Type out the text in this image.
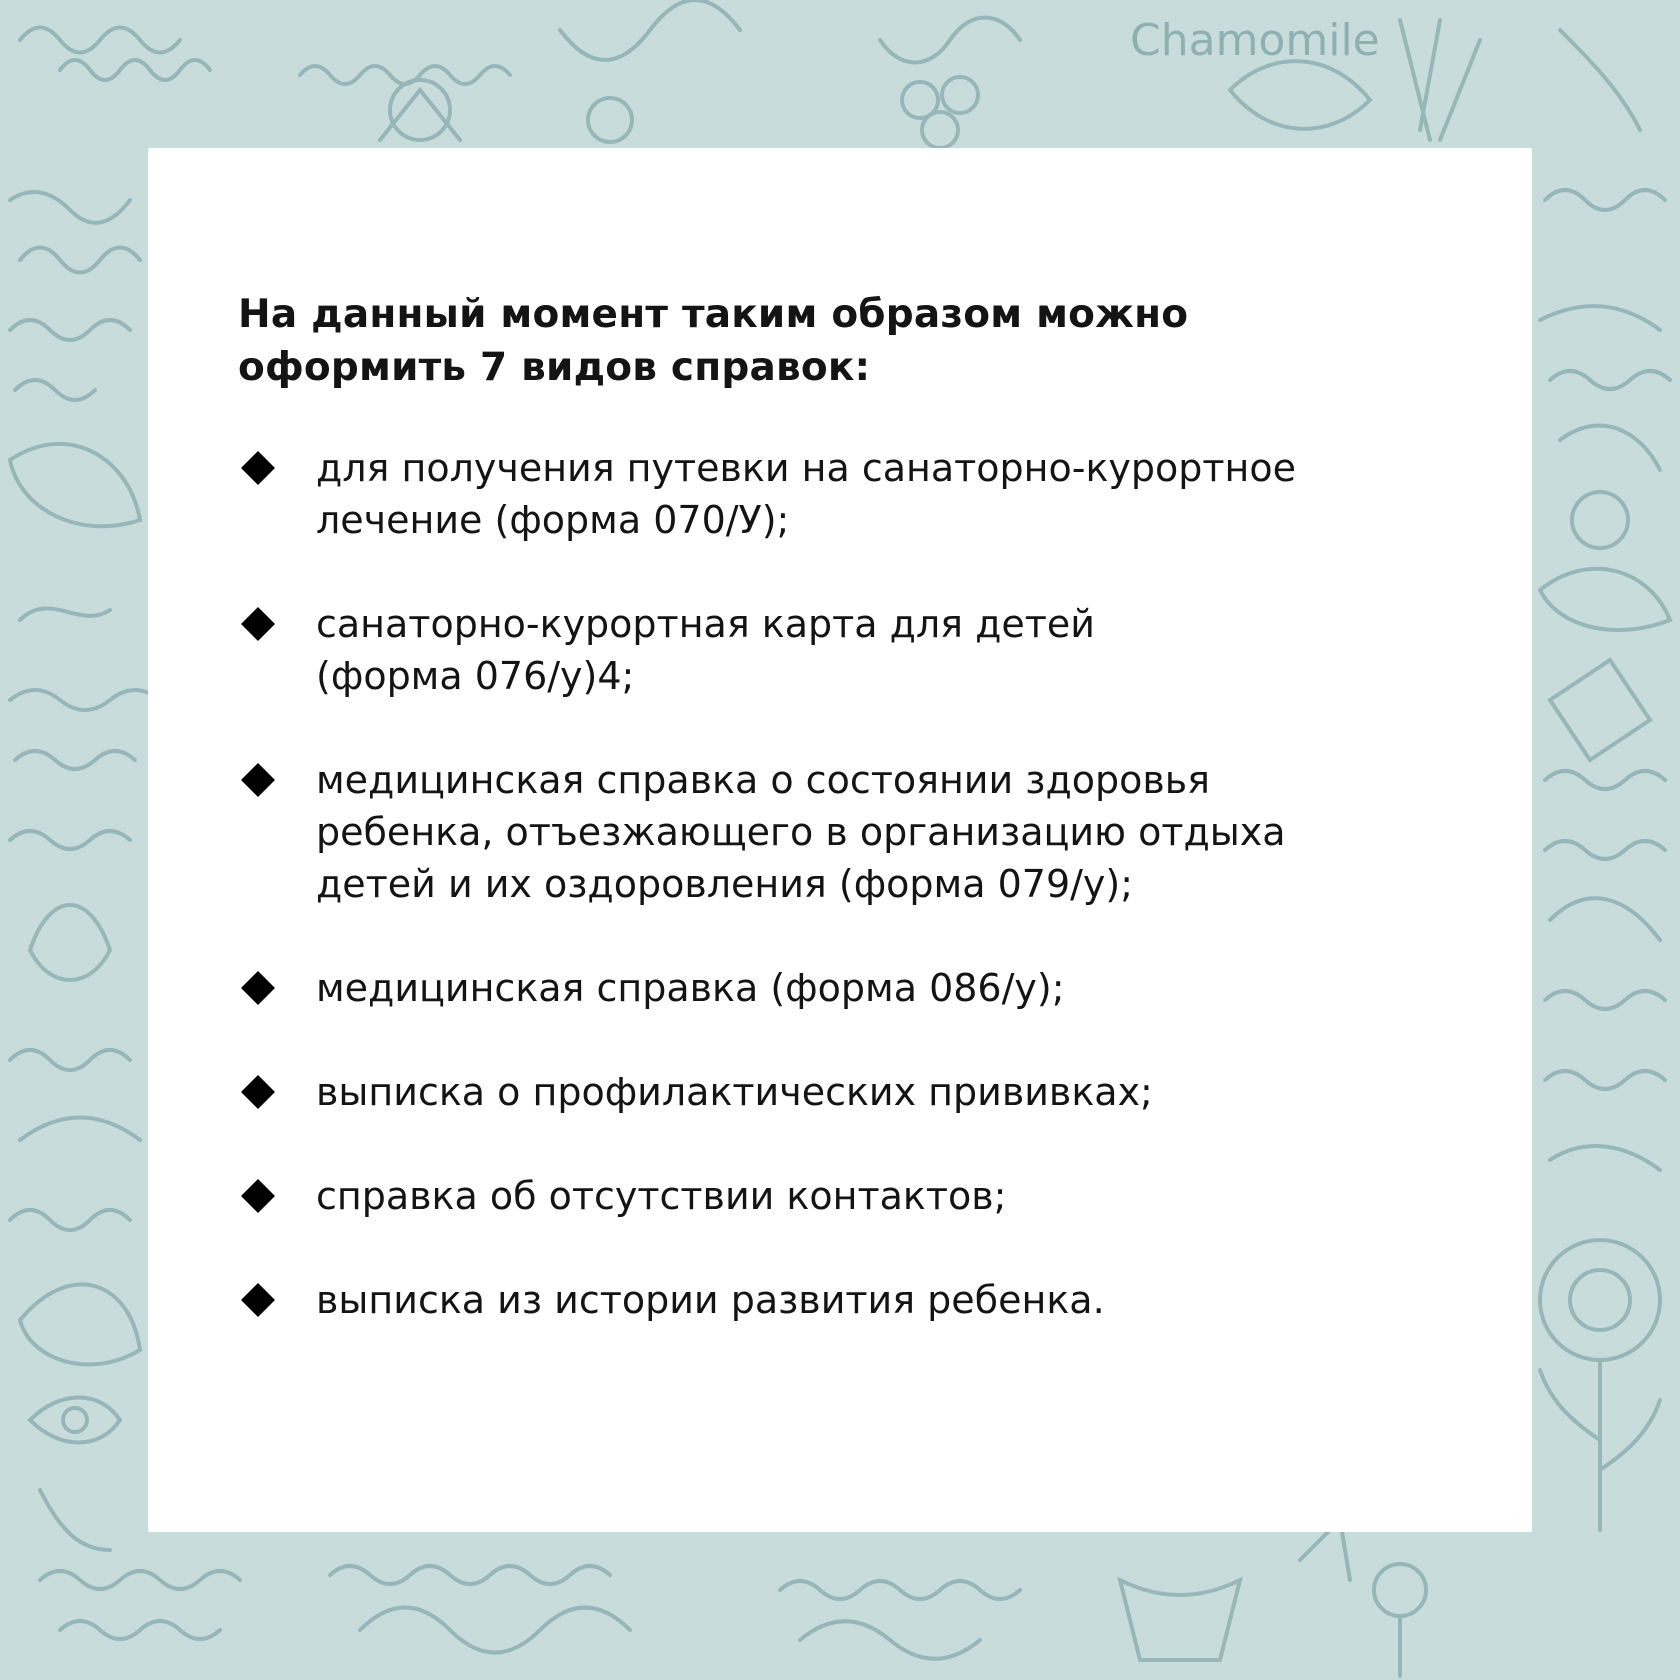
Chamomile
На данный момент таким образом можно
оформить 7 видов справок:
для получения путевки на санаторно-курортное
лечение (форма 070/У);
санаторно-курортная карта для детей
(форма 076/у)4;
медицинская справка о состоянии здоровья
ребенка, отъезжающего в организацию отдыха
детей и их оздоровления (форма 079/у);
медицинская справка (форма 086/у);
выписка о профилактических прививках;
справка об отсутствии контактов;
выписка из истории развития ребенка.
